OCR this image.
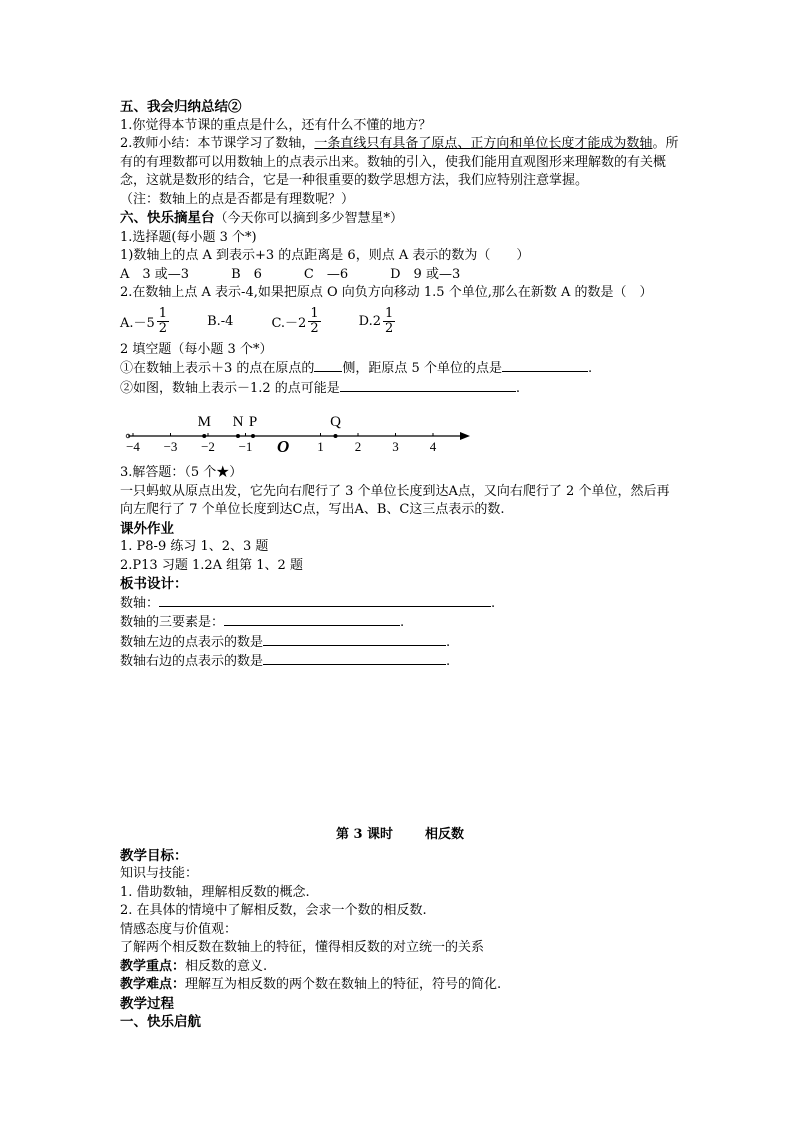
五、我会归纳总结②
1.你觉得本节课的重点是什么，还有什么不懂的地方？
2.教师小结：本节课学习了数轴，一条直线只有具备了原点、正方向和单位长度才能成为数轴。所有的有理数都可以用数轴上的点表示出来。数轴的引入，使我们能用直观图形来理解数的有关概念，这就是数形的结合，它是一种很重要的数学思想方法，我们应特别注意掌握。
（注：数轴上的点是否都是有理数呢？）
六、快乐摘星台（今天你可以摘到多少智慧星*）
1.选择题(每小题 3 个*)
1)数轴上的点 A 到表示+3 的点距离是 6，则点 A 表示的数为（　　）
A　3 或—3	B　6	C　—6	D　9 或—3
2.在数轴上点 A 表示-4,如果把原点 O 向负方向移动 1.5 个单位,那么在新数 A 的数是（　）
$A.-5 \frac{1}{2}$	B.-4	$C.-2 \frac{1}{2}$	$D.2 \frac{1}{2}$
2 填空题（每小题 3 个*）
①在数轴上表示＋3 的点在原点的 侧，距原点 5 个单位的点是	.
②如图，数轴上表示－1.2 的点可能是	.
O
−4 −3 −2 −1	1 2 3 4
M N P	Q
3.解答题：（5 个★）
一只蚂蚁从原点出发，它先向右爬行了 3 个单位长度到达A点，又向右爬行了 2 个单位，然后再向左爬行了 7 个单位长度到达C点，写出A、B、C这三点表示的数.
课外作业
1. P8-9 练习 1、2、3 题
2.P13 习题 1.2A 组第 1、2 题
板书设计：
数轴：	.
数轴的三要素是：	.
数轴左边的点表示的数是	.
数轴右边的点表示的数是	.
第 3 课时 相反数
教学目标：
知识与技能：
1. 借助数轴，理解相反数的概念.
2. 在具体的情境中了解相反数，会求一个数的相反数.
情感态度与价值观：
了解两个相反数在数轴上的特征，懂得相反数的对立统一的关系
教学重点：相反数的意义.
教学难点：理解互为相反数的两个数在数轴上的特征，符号的简化.
教学过程
一、快乐启航
